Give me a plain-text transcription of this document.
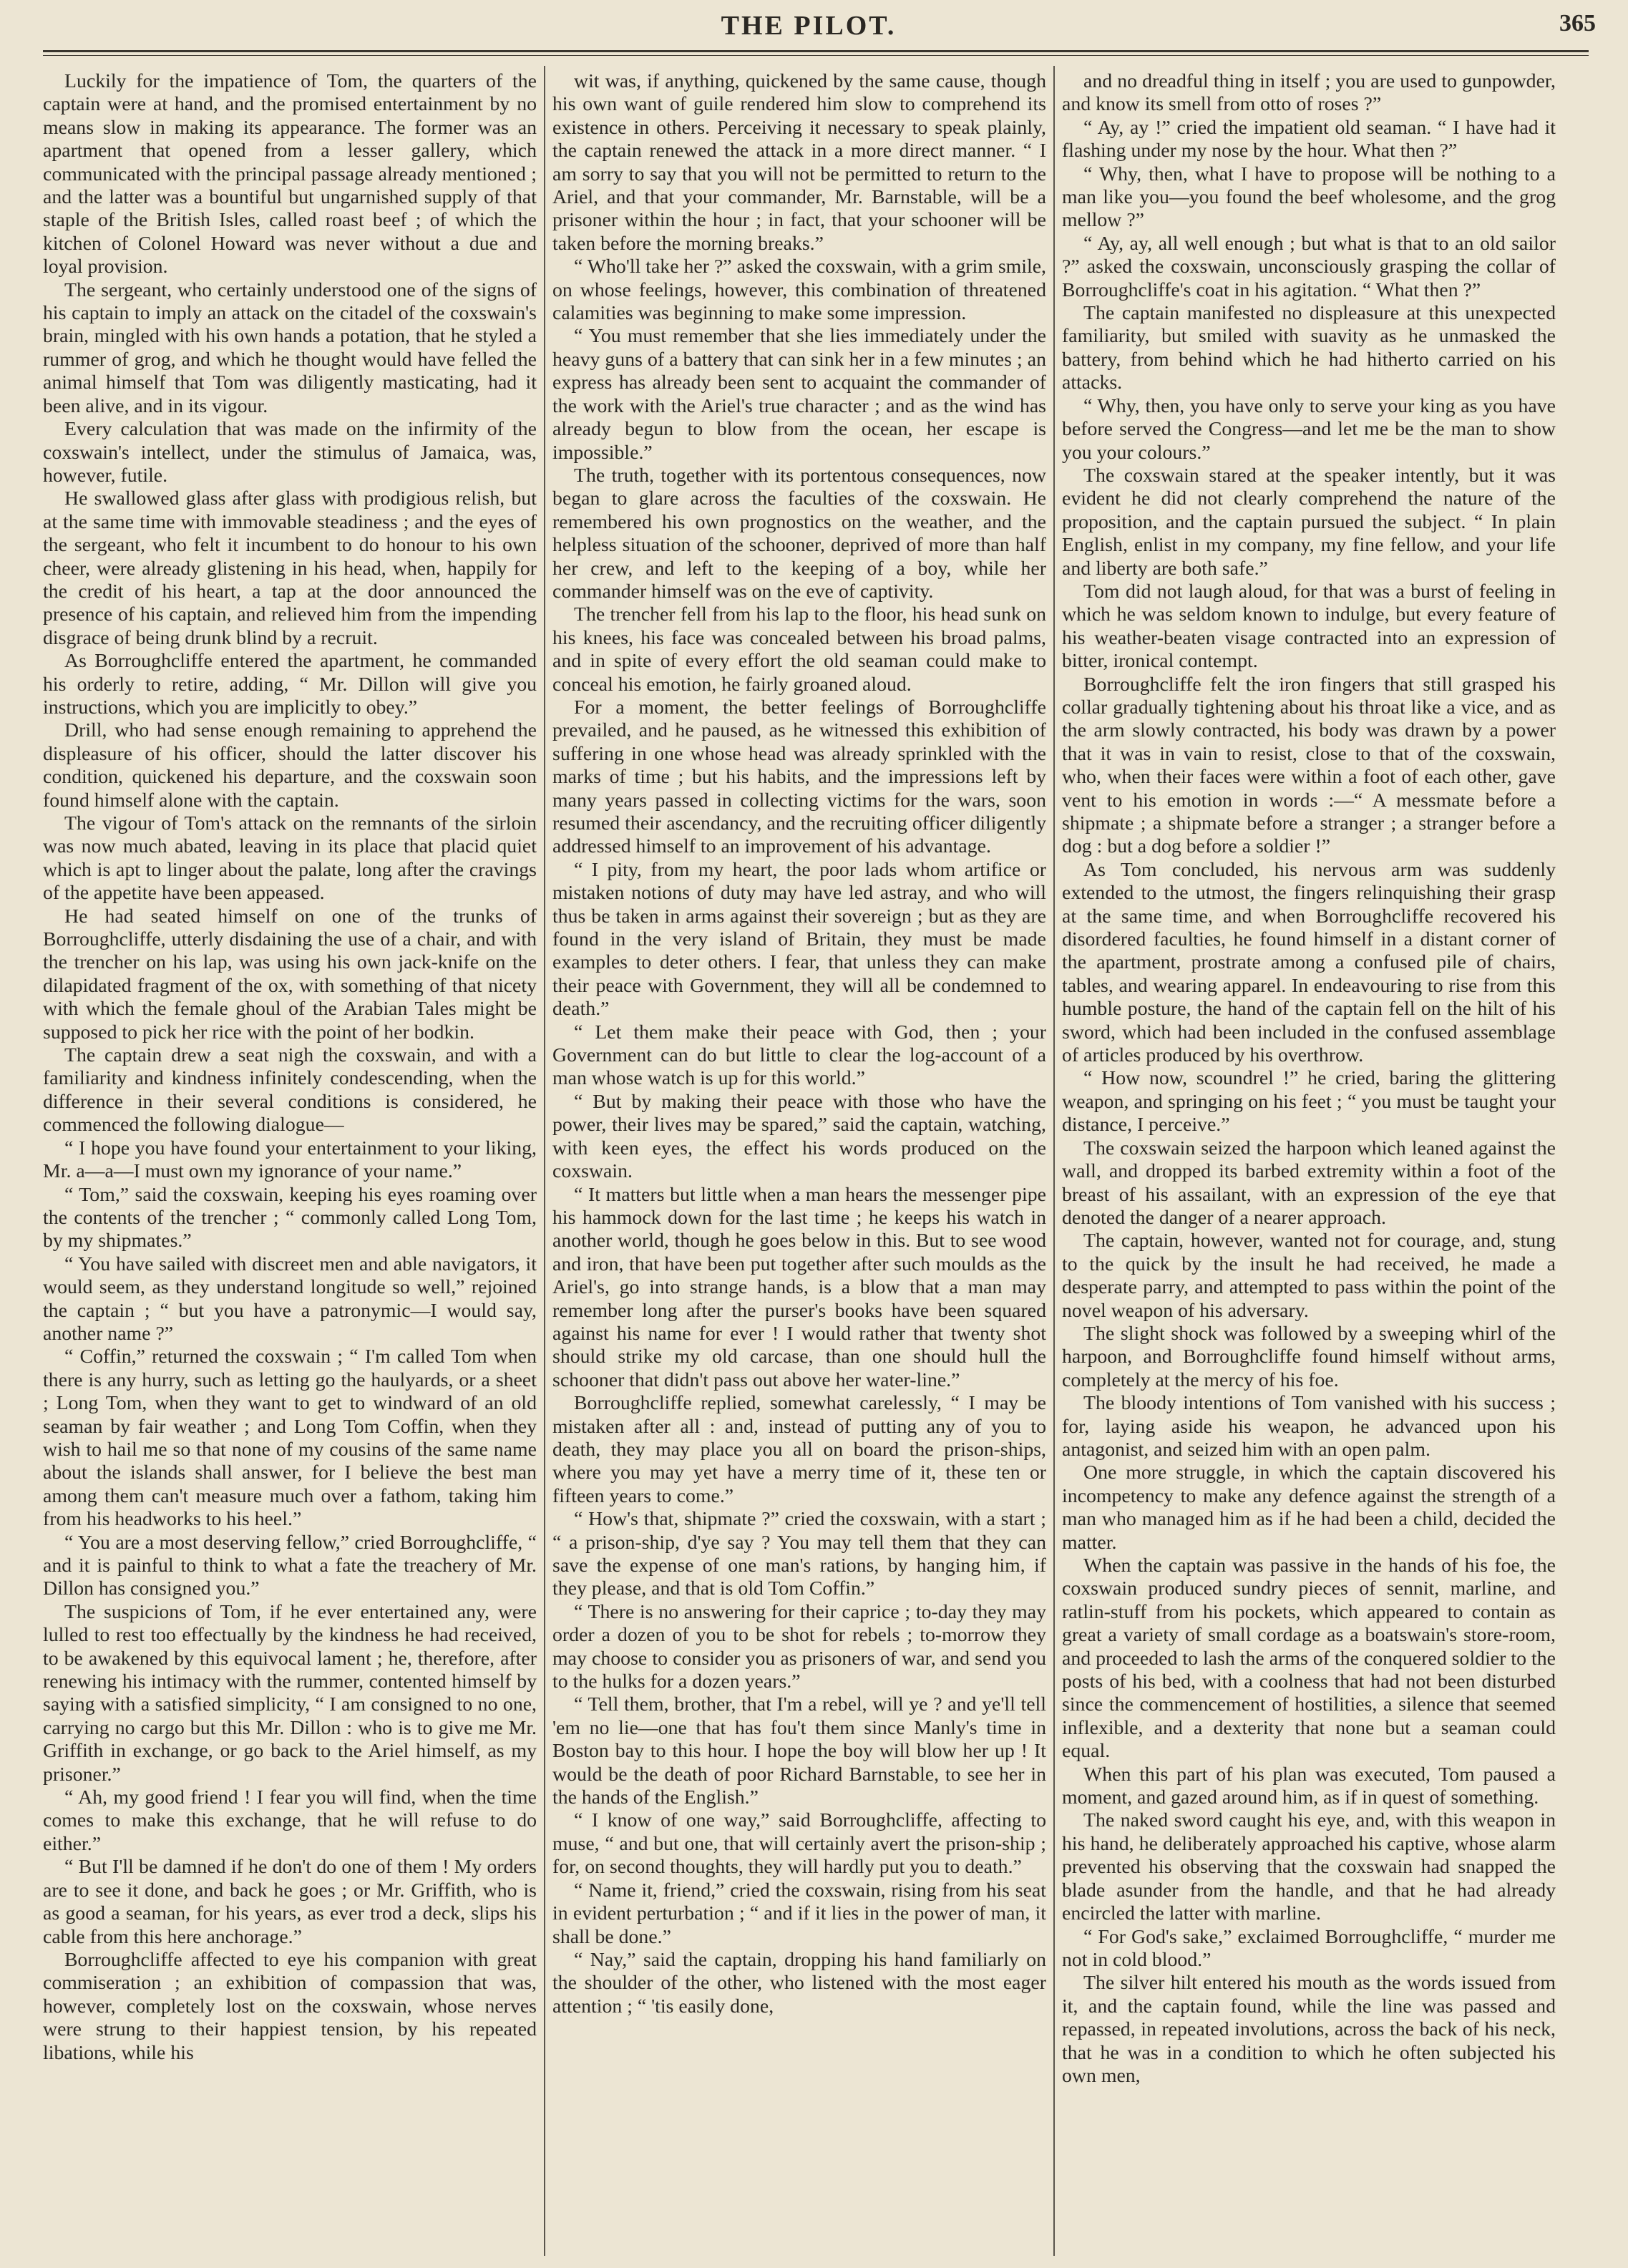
THE PILOT.	365

Luckily for the impatience of Tom, the quarters of the captain were at hand, and the promised entertainment by no means slow in making its appearance. The former was an apartment that opened from a lesser gallery, which communicated with the principal passage already mentioned ; and the latter was a bountiful but ungarnished supply of that staple of the British Isles, called roast beef ; of which the kitchen of Colonel Howard was never without a due and loyal provision.

The sergeant, who certainly understood one of the signs of his captain to imply an attack on the citadel of the coxswain's brain, mingled with his own hands a potation, that he styled a rummer of grog, and which he thought would have felled the animal himself that Tom was diligently masticating, had it been alive, and in its vigour.

Every calculation that was made on the infirmity of the coxswain's intellect, under the stimulus of Jamaica, was, however, futile.

He swallowed glass after glass with prodigious relish, but at the same time with immovable steadiness ; and the eyes of the sergeant, who felt it incumbent to do honour to his own cheer, were already glistening in his head, when, happily for the credit of his heart, a tap at the door announced the presence of his captain, and relieved him from the impending disgrace of being drunk blind by a recruit.

As Borroughcliffe entered the apartment, he commanded his orderly to retire, adding, “ Mr. Dillon will give you instructions, which you are implicitly to obey.”

Drill, who had sense enough remaining to apprehend the displeasure of his officer, should the latter discover his condition, quickened his departure, and the coxswain soon found himself alone with the captain.

The vigour of Tom's attack on the remnants of the sirloin was now much abated, leaving in its place that placid quiet which is apt to linger about the palate, long after the cravings of the appetite have been appeased.

He had seated himself on one of the trunks of Borroughcliffe, utterly disdaining the use of a chair, and with the trencher on his lap, was using his own jack-knife on the dilapidated fragment of the ox, with something of that nicety with which the female ghoul of the Arabian Tales might be supposed to pick her rice with the point of her bodkin.

The captain drew a seat nigh the coxswain, and with a familiarity and kindness infinitely condescending, when the difference in their several conditions is considered, he commenced the following dialogue—

“ I hope you have found your entertainment to your liking, Mr. a—a—I must own my ignorance of your name.”

“ Tom,” said the coxswain, keeping his eyes roaming over the contents of the trencher ; “ commonly called Long Tom, by my shipmates.”

“ You have sailed with discreet men and able navigators, it would seem, as they understand longitude so well,” rejoined the captain ; “ but you have a patronymic—I would say, another name ?”

“ Coffin,” returned the coxswain ; “ I'm called Tom when there is any hurry, such as letting go the haulyards, or a sheet ; Long Tom, when they want to get to windward of an old seaman by fair weather ; and Long Tom Coffin, when they wish to hail me so that none of my cousins of the same name about the islands shall answer, for I believe the best man among them can't measure much over a fathom, taking him from his headworks to his heel.”

“ You are a most deserving fellow,” cried Borroughcliffe, “ and it is painful to think to what a fate the treachery of Mr. Dillon has consigned you.”

The suspicions of Tom, if he ever entertained any, were lulled to rest too effectually by the kindness he had received, to be awakened by this equivocal lament ; he, therefore, after renewing his intimacy with the rummer, contented himself by saying with a satisfied simplicity, “ I am consigned to no one, carrying no cargo but this Mr. Dillon : who is to give me Mr. Griffith in exchange, or go back to the Ariel himself, as my prisoner.”

“ Ah, my good friend ! I fear you will find, when the time comes to make this exchange, that he will refuse to do either.”

“ But I'll be damned if he don't do one of them ! My orders are to see it done, and back he goes ; or Mr. Griffith, who is as good a seaman, for his years, as ever trod a deck, slips his cable from this here anchorage.”

Borroughcliffe affected to eye his companion with great commiseration ; an exhibition of compassion that was, however, completely lost on the coxswain, whose nerves were strung to their happiest tension, by his repeated libations, while his

wit was, if anything, quickened by the same cause, though his own want of guile rendered him slow to comprehend its existence in others. Perceiving it necessary to speak plainly, the captain renewed the attack in a more direct manner. “ I am sorry to say that you will not be permitted to return to the Ariel, and that your commander, Mr. Barnstable, will be a prisoner within the hour ; in fact, that your schooner will be taken before the morning breaks.”

“ Who'll take her ?” asked the coxswain, with a grim smile, on whose feelings, however, this combination of threatened calamities was beginning to make some impression.

“ You must remember that she lies immediately under the heavy guns of a battery that can sink her in a few minutes ; an express has already been sent to acquaint the commander of the work with the Ariel's true character ; and as the wind has already begun to blow from the ocean, her escape is impossible.”

The truth, together with its portentous consequences, now began to glare across the faculties of the coxswain. He remembered his own prognostics on the weather, and the helpless situation of the schooner, deprived of more than half her crew, and left to the keeping of a boy, while her commander himself was on the eve of captivity.

The trencher fell from his lap to the floor, his head sunk on his knees, his face was concealed between his broad palms, and in spite of every effort the old seaman could make to conceal his emotion, he fairly groaned aloud.

For a moment, the better feelings of Borroughcliffe prevailed, and he paused, as he witnessed this exhibition of suffering in one whose head was already sprinkled with the marks of time ; but his habits, and the impressions left by many years passed in collecting victims for the wars, soon resumed their ascendancy, and the recruiting officer diligently addressed himself to an improvement of his advantage.

“ I pity, from my heart, the poor lads whom artifice or mistaken notions of duty may have led astray, and who will thus be taken in arms against their sovereign ; but as they are found in the very island of Britain, they must be made examples to deter others. I fear, that unless they can make their peace with Government, they will all be condemned to death.”

“ Let them make their peace with God, then ; your Government can do but little to clear the log-account of a man whose watch is up for this world.”

“ But by making their peace with those who have the power, their lives may be spared,” said the captain, watching, with keen eyes, the effect his words produced on the coxswain.

“ It matters but little when a man hears the messenger pipe his hammock down for the last time ; he keeps his watch in another world, though he goes below in this. But to see wood and iron, that have been put together after such moulds as the Ariel's, go into strange hands, is a blow that a man may remember long after the purser's books have been squared against his name for ever ! I would rather that twenty shot should strike my old carcase, than one should hull the schooner that didn't pass out above her water-line.”

Borroughcliffe replied, somewhat carelessly, “ I may be mistaken after all : and, instead of putting any of you to death, they may place you all on board the prison-ships, where you may yet have a merry time of it, these ten or fifteen years to come.”

“ How's that, shipmate ?” cried the coxswain, with a start ; “ a prison-ship, d'ye say ? You may tell them that they can save the expense of one man's rations, by hanging him, if they please, and that is old Tom Coffin.”

“ There is no answering for their caprice ; to-day they may order a dozen of you to be shot for rebels ; to-morrow they may choose to consider you as prisoners of war, and send you to the hulks for a dozen years.”

“ Tell them, brother, that I'm a rebel, will ye ? and ye'll tell 'em no lie—one that has fou't them since Manly's time in Boston bay to this hour. I hope the boy will blow her up ! It would be the death of poor Richard Barnstable, to see her in the hands of the English.”

“ I know of one way,” said Borroughcliffe, affecting to muse, “ and but one, that will certainly avert the prison-ship ; for, on second thoughts, they will hardly put you to death.”

“ Name it, friend,” cried the coxswain, rising from his seat in evident perturbation ; “ and if it lies in the power of man, it shall be done.”

“ Nay,” said the captain, dropping his hand familiarly on the shoulder of the other, who listened with the most eager attention ; “ 'tis easily done,

and no dreadful thing in itself ; you are used to gunpowder, and know its smell from otto of roses ?”

“ Ay, ay !” cried the impatient old seaman. “ I have had it flashing under my nose by the hour. What then ?”

“ Why, then, what I have to propose will be nothing to a man like you—you found the beef wholesome, and the grog mellow ?”

“ Ay, ay, all well enough ; but what is that to an old sailor ?” asked the coxswain, unconsciously grasping the collar of Borroughcliffe's coat in his agitation. “ What then ?”

The captain manifested no displeasure at this unexpected familiarity, but smiled with suavity as he unmasked the battery, from behind which he had hitherto carried on his attacks.

“ Why, then, you have only to serve your king as you have before served the Congress—and let me be the man to show you your colours.”

The coxswain stared at the speaker intently, but it was evident he did not clearly comprehend the nature of the proposition, and the captain pursued the subject. “ In plain English, enlist in my company, my fine fellow, and your life and liberty are both safe.”

Tom did not laugh aloud, for that was a burst of feeling in which he was seldom known to indulge, but every feature of his weather-beaten visage contracted into an expression of bitter, ironical contempt.

Borroughcliffe felt the iron fingers that still grasped his collar gradually tightening about his throat like a vice, and as the arm slowly contracted, his body was drawn by a power that it was in vain to resist, close to that of the coxswain, who, when their faces were within a foot of each other, gave vent to his emotion in words :—“ A messmate before a shipmate ; a shipmate before a stranger ; a stranger before a dog : but a dog before a soldier !”

As Tom concluded, his nervous arm was suddenly extended to the utmost, the fingers relinquishing their grasp at the same time, and when Borroughcliffe recovered his disordered faculties, he found himself in a distant corner of the apartment, prostrate among a confused pile of chairs, tables, and wearing apparel. In endeavouring to rise from this humble posture, the hand of the captain fell on the hilt of his sword, which had been included in the confused assemblage of articles produced by his overthrow.

“ How now, scoundrel !” he cried, baring the glittering weapon, and springing on his feet ; “ you must be taught your distance, I perceive.”

The coxswain seized the harpoon which leaned against the wall, and dropped its barbed extremity within a foot of the breast of his assailant, with an expression of the eye that denoted the danger of a nearer approach.

The captain, however, wanted not for courage, and, stung to the quick by the insult he had received, he made a desperate parry, and attempted to pass within the point of the novel weapon of his adversary.

The slight shock was followed by a sweeping whirl of the harpoon, and Borroughcliffe found himself without arms, completely at the mercy of his foe.

The bloody intentions of Tom vanished with his success ; for, laying aside his weapon, he advanced upon his antagonist, and seized him with an open palm.

One more struggle, in which the captain discovered his incompetency to make any defence against the strength of a man who managed him as if he had been a child, decided the matter.

When the captain was passive in the hands of his foe, the coxswain produced sundry pieces of sennit, marline, and ratlin-stuff from his pockets, which appeared to contain as great a variety of small cordage as a boatswain's store-room, and proceeded to lash the arms of the conquered soldier to the posts of his bed, with a coolness that had not been disturbed since the commencement of hostilities, a silence that seemed inflexible, and a dexterity that none but a seaman could equal.

When this part of his plan was executed, Tom paused a moment, and gazed around him, as if in quest of something.

The naked sword caught his eye, and, with this weapon in his hand, he deliberately approached his captive, whose alarm prevented his observing that the coxswain had snapped the blade asunder from the handle, and that he had already encircled the latter with marline.

“ For God's sake,” exclaimed Borroughcliffe, “ murder me not in cold blood.”

The silver hilt entered his mouth as the words issued from it, and the captain found, while the line was passed and repassed, in repeated involutions, across the back of his neck, that he was in a condition to which he often subjected his own men,
